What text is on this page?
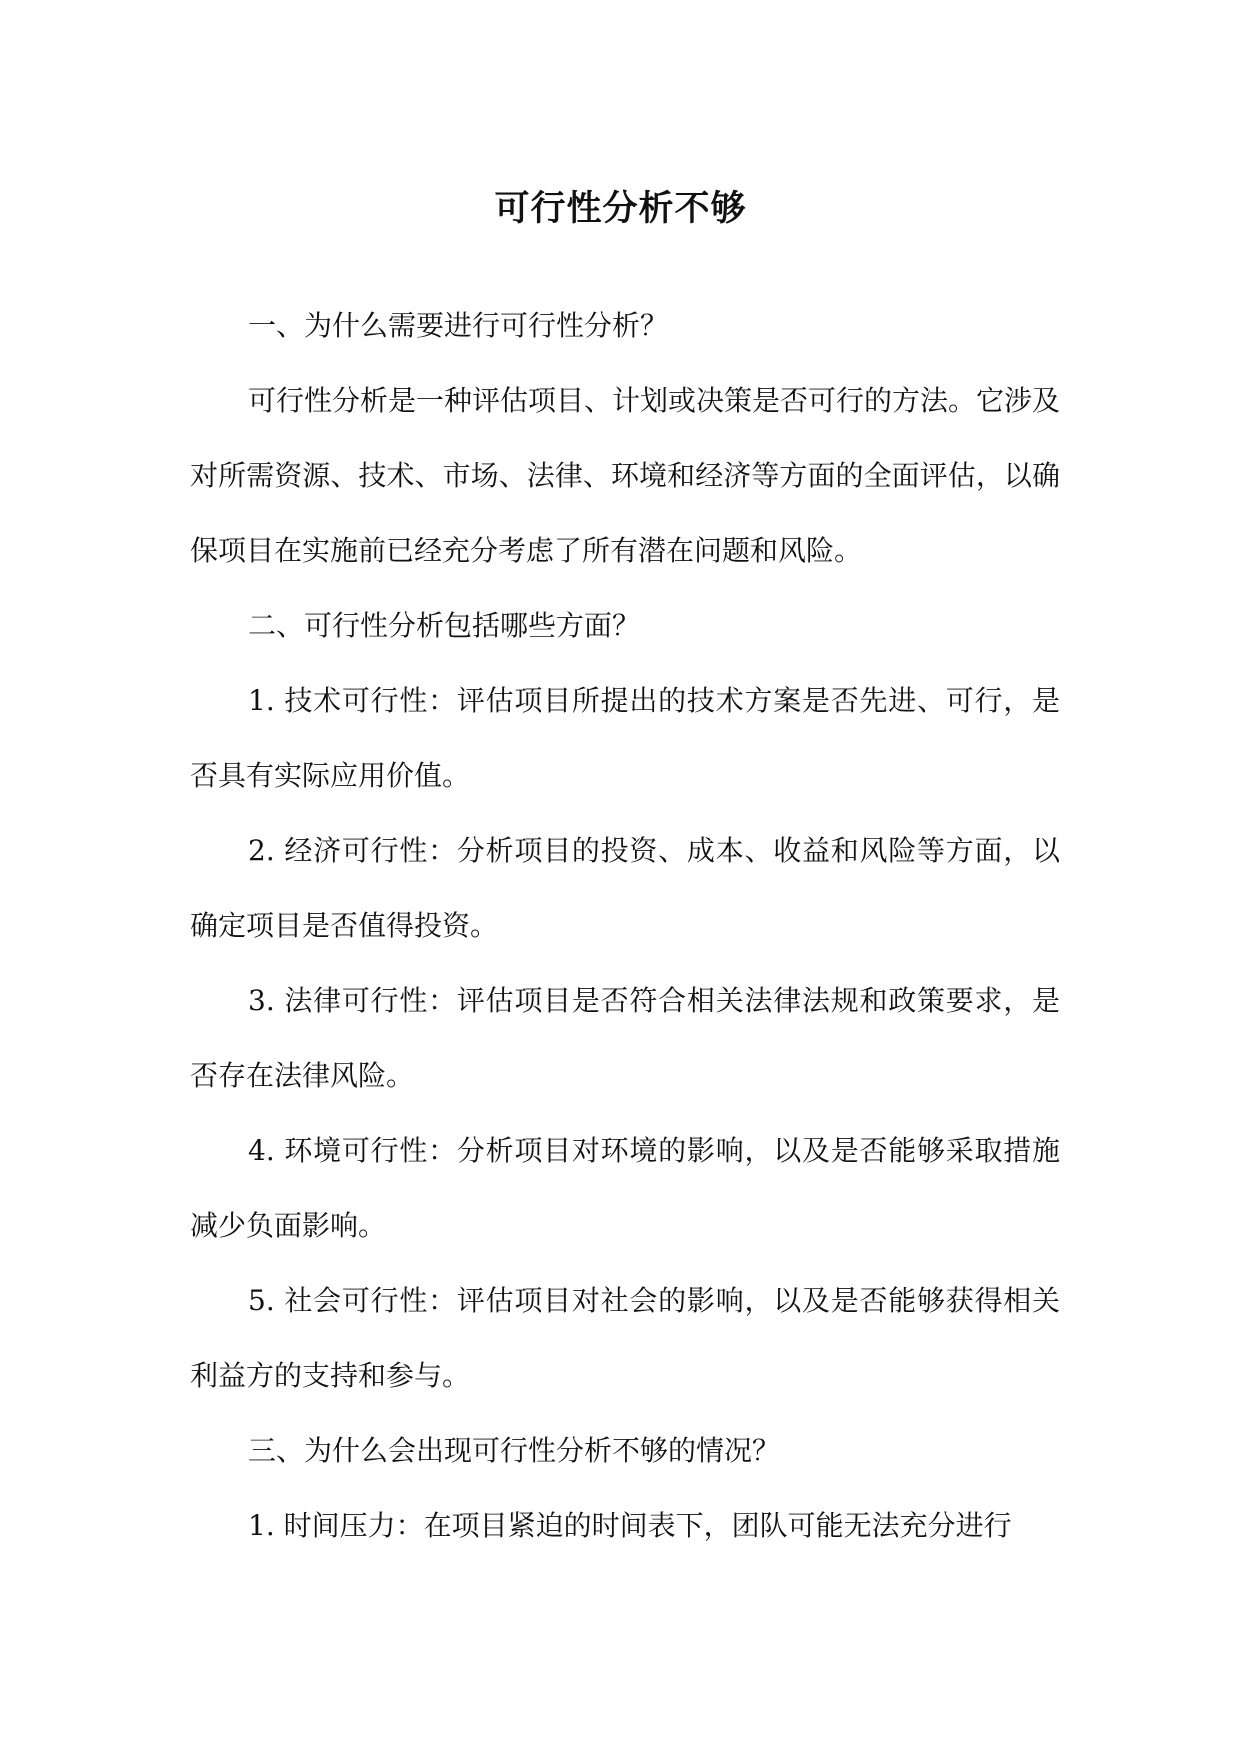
可行性分析不够

一、为什么需要进行可行性分析？

可行性分析是一种评估项目、计划或决策是否可行的方法。它涉及对所需资源、技术、市场、法律、环境和经济等方面的全面评估，以确保项目在实施前已经充分考虑了所有潜在问题和风险。

二、可行性分析包括哪些方面？

1. 技术可行性：评估项目所提出的技术方案是否先进、可行，是否具有实际应用价值。

2. 经济可行性：分析项目的投资、成本、收益和风险等方面，以确定项目是否值得投资。

3. 法律可行性：评估项目是否符合相关法律法规和政策要求，是否存在法律风险。

4. 环境可行性：分析项目对环境的影响，以及是否能够采取措施减少负面影响。

5. 社会可行性：评估项目对社会的影响，以及是否能够获得相关利益方的支持和参与。

三、为什么会出现可行性分析不够的情况？

1. 时间压力：在项目紧迫的时间表下，团队可能无法充分进行
